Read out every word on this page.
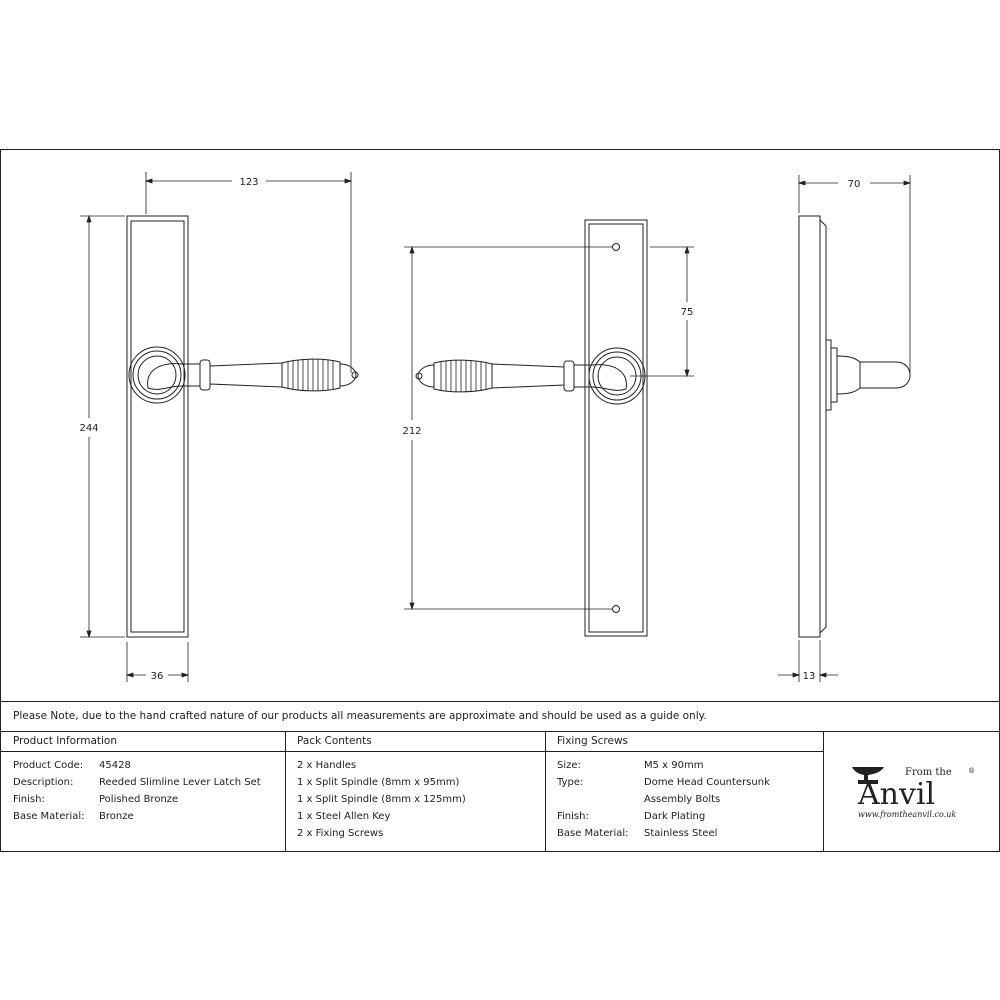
123
244
36
212
75
70
13
From the
Anvil
®
www.fromtheanvil.co.uk
Please Note, due to the hand crafted nature of our products all measurements are approximate and should be used as a guide only.
Product Information	Pack Contents	Fixing Screws
Product Code: 45428
Description:	Reeded Slimline Lever Latch Set
Finish:	Polished Bronze
Base Material: Bronze
2 x Handles
1 x Split Spindle (8mm x 95mm)
1 x Split Spindle (8mm x 125mm)
1 x Steel Allen Key
2 x Fixing Screws
Size:	M5 x 90mm
Type:	Dome Head Countersunk
Assembly Bolts
Finish:	Dark Plating
Base Material: Stainless Steel
